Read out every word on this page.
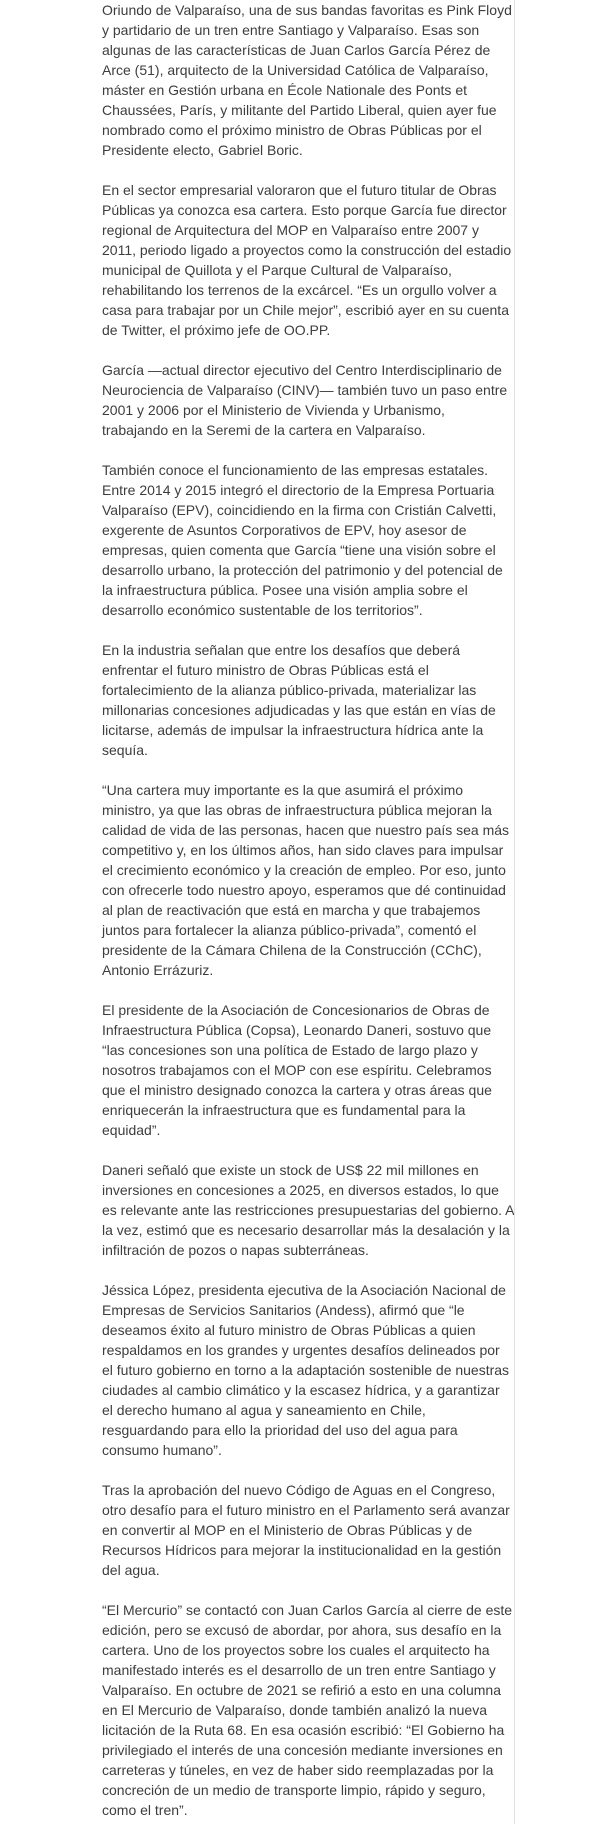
Oriundo de Valparaíso, una de sus bandas favoritas es Pink Floyd y partidario de un tren entre Santiago y Valparaíso. Esas son algunas de las características de Juan Carlos García Pérez de Arce (51), arquitecto de la Universidad Católica de Valparaíso, máster en Gestión urbana en École Nationale des Ponts et Chaussées, París, y militante del Partido Liberal, quien ayer fue nombrado como el próximo ministro de Obras Públicas por el Presidente electo, Gabriel Boric.

En el sector empresarial valoraron que el futuro titular de Obras Públicas ya conozca esa cartera. Esto porque García fue director regional de Arquitectura del MOP en Valparaíso entre 2007 y 2011, periodo ligado a proyectos como la construcción del estadio municipal de Quillota y el Parque Cultural de Valparaíso, rehabilitando los terrenos de la excárcel. “Es un orgullo volver a casa para trabajar por un Chile mejor”, escribió ayer en su cuenta de Twitter, el próximo jefe de OO.PP.

García —actual director ejecutivo del Centro Interdisciplinario de Neurociencia de Valparaíso (CINV)— también tuvo un paso entre 2001 y 2006 por el Ministerio de Vivienda y Urbanismo, trabajando en la Seremi de la cartera en Valparaíso.

También conoce el funcionamiento de las empresas estatales. Entre 2014 y 2015 integró el directorio de la Empresa Portuaria Valparaíso (EPV), coincidiendo en la firma con Cristián Calvetti, exgerente de Asuntos Corporativos de EPV, hoy asesor de empresas, quien comenta que García “tiene una visión sobre el desarrollo urbano, la protección del patrimonio y del potencial de la infraestructura pública. Posee una visión amplia sobre el desarrollo económico sustentable de los territorios”.

En la industria señalan que entre los desafíos que deberá enfrentar el futuro ministro de Obras Públicas está el fortalecimiento de la alianza público-privada, materializar las millonarias concesiones adjudicadas y las que están en vías de licitarse, además de impulsar la infraestructura hídrica ante la sequía.

“Una cartera muy importante es la que asumirá el próximo ministro, ya que las obras de infraestructura pública mejoran la calidad de vida de las personas, hacen que nuestro país sea más competitivo y, en los últimos años, han sido claves para impulsar el crecimiento económico y la creación de empleo. Por eso, junto con ofrecerle todo nuestro apoyo, esperamos que dé continuidad al plan de reactivación que está en marcha y que trabajemos juntos para fortalecer la alianza público-privada”, comentó el presidente de la Cámara Chilena de la Construcción (CChC), Antonio Errázuriz.

El presidente de la Asociación de Concesionarios de Obras de Infraestructura Pública (Copsa), Leonardo Daneri, sostuvo que “las concesiones son una política de Estado de largo plazo y nosotros trabajamos con el MOP con ese espíritu. Celebramos que el ministro designado conozca la cartera y otras áreas que enriquecerán la infraestructura que es fundamental para la equidad”.

Daneri señaló que existe un stock de US$ 22 mil millones en inversiones en concesiones a 2025, en diversos estados, lo que es relevante ante las restricciones presupuestarias del gobierno. A la vez, estimó que es necesario desarrollar más la desalación y la infiltración de pozos o napas subterráneas.

Jéssica López, presidenta ejecutiva de la Asociación Nacional de Empresas de Servicios Sanitarios (Andess), afirmó que “le deseamos éxito al futuro ministro de Obras Públicas a quien respaldamos en los grandes y urgentes desafíos delineados por el futuro gobierno en torno a la adaptación sostenible de nuestras ciudades al cambio climático y la escasez hídrica, y a garantizar el derecho humano al agua y saneamiento en Chile, resguardando para ello la prioridad del uso del agua para consumo humano”.

Tras la aprobación del nuevo Código de Aguas en el Congreso, otro desafío para el futuro ministro en el Parlamento será avanzar en convertir al MOP en el Ministerio de Obras Públicas y de Recursos Hídricos para mejorar la institucionalidad en la gestión del agua.

“El Mercurio” se contactó con Juan Carlos García al cierre de este edición, pero se excusó de abordar, por ahora, sus desafío en la cartera. Uno de los proyectos sobre los cuales el arquitecto ha manifestado interés es el desarrollo de un tren entre Santiago y Valparaíso. En octubre de 2021 se refirió a esto en una columna en El Mercurio de Valparaíso, donde también analizó la nueva licitación de la Ruta 68. En esa ocasión escribió: “El Gobierno ha privilegiado el interés de una concesión mediante inversiones en carreteras y túneles, en vez de haber sido reemplazadas por la concreción de un medio de transporte limpio, rápido y seguro, como el tren”.
